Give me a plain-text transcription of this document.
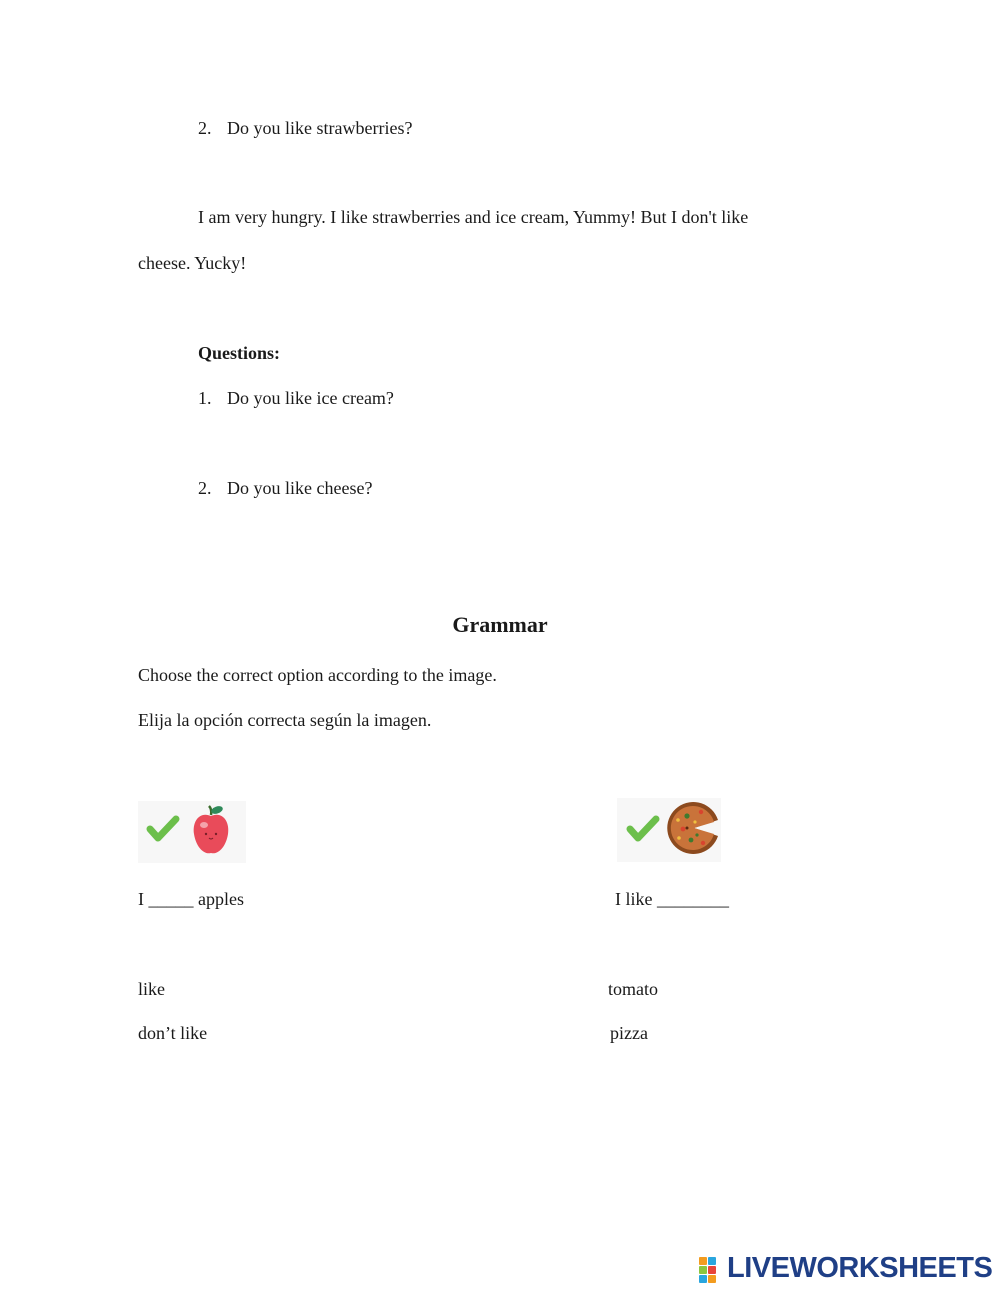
2. Do you like strawberries?
I am very hungry. I like strawberries and ice cream, Yummy! But I don't like
cheese. Yucky!
Questions:
1. Do you like ice cream?
2. Do you like cheese?
Grammar
Choose the correct option according to the image.
Elija la opción correcta según la imagen.
I _____ apples
like
don’t like
I like ________
tomato
pizza
LIVEWORKSHEETS
